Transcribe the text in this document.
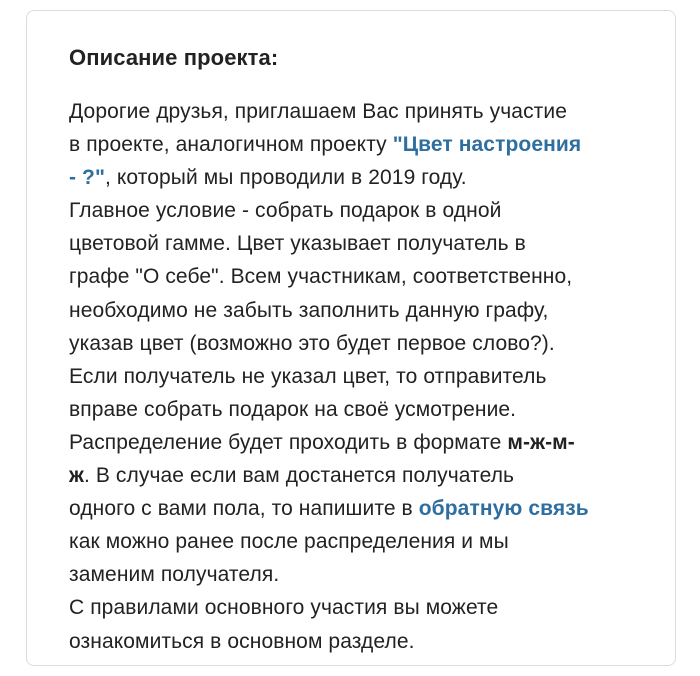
Описание проекта:
Дорогие друзья, приглашаем Вас принять участие
в проекте, аналогичном проекту "Цвет настроения
- ?", который мы проводили в 2019 году.
Главное условие - собрать подарок в одной
цветовой гамме. Цвет указывает получатель в
графе "О себе". Всем участникам, соответственно,
необходимо не забыть заполнить данную графу,
указав цвет (возможно это будет первое слово?).
Если получатель не указал цвет, то отправитель
вправе собрать подарок на своё усмотрение.
Распределение будет проходить в формате м-ж-м-
ж. В случае если вам достанется получатель
одного с вами пола, то напишите в обратную связь
как можно ранее после распределения и мы
заменим получателя.
С правилами основного участия вы можете
ознакомиться в основном разделе.
